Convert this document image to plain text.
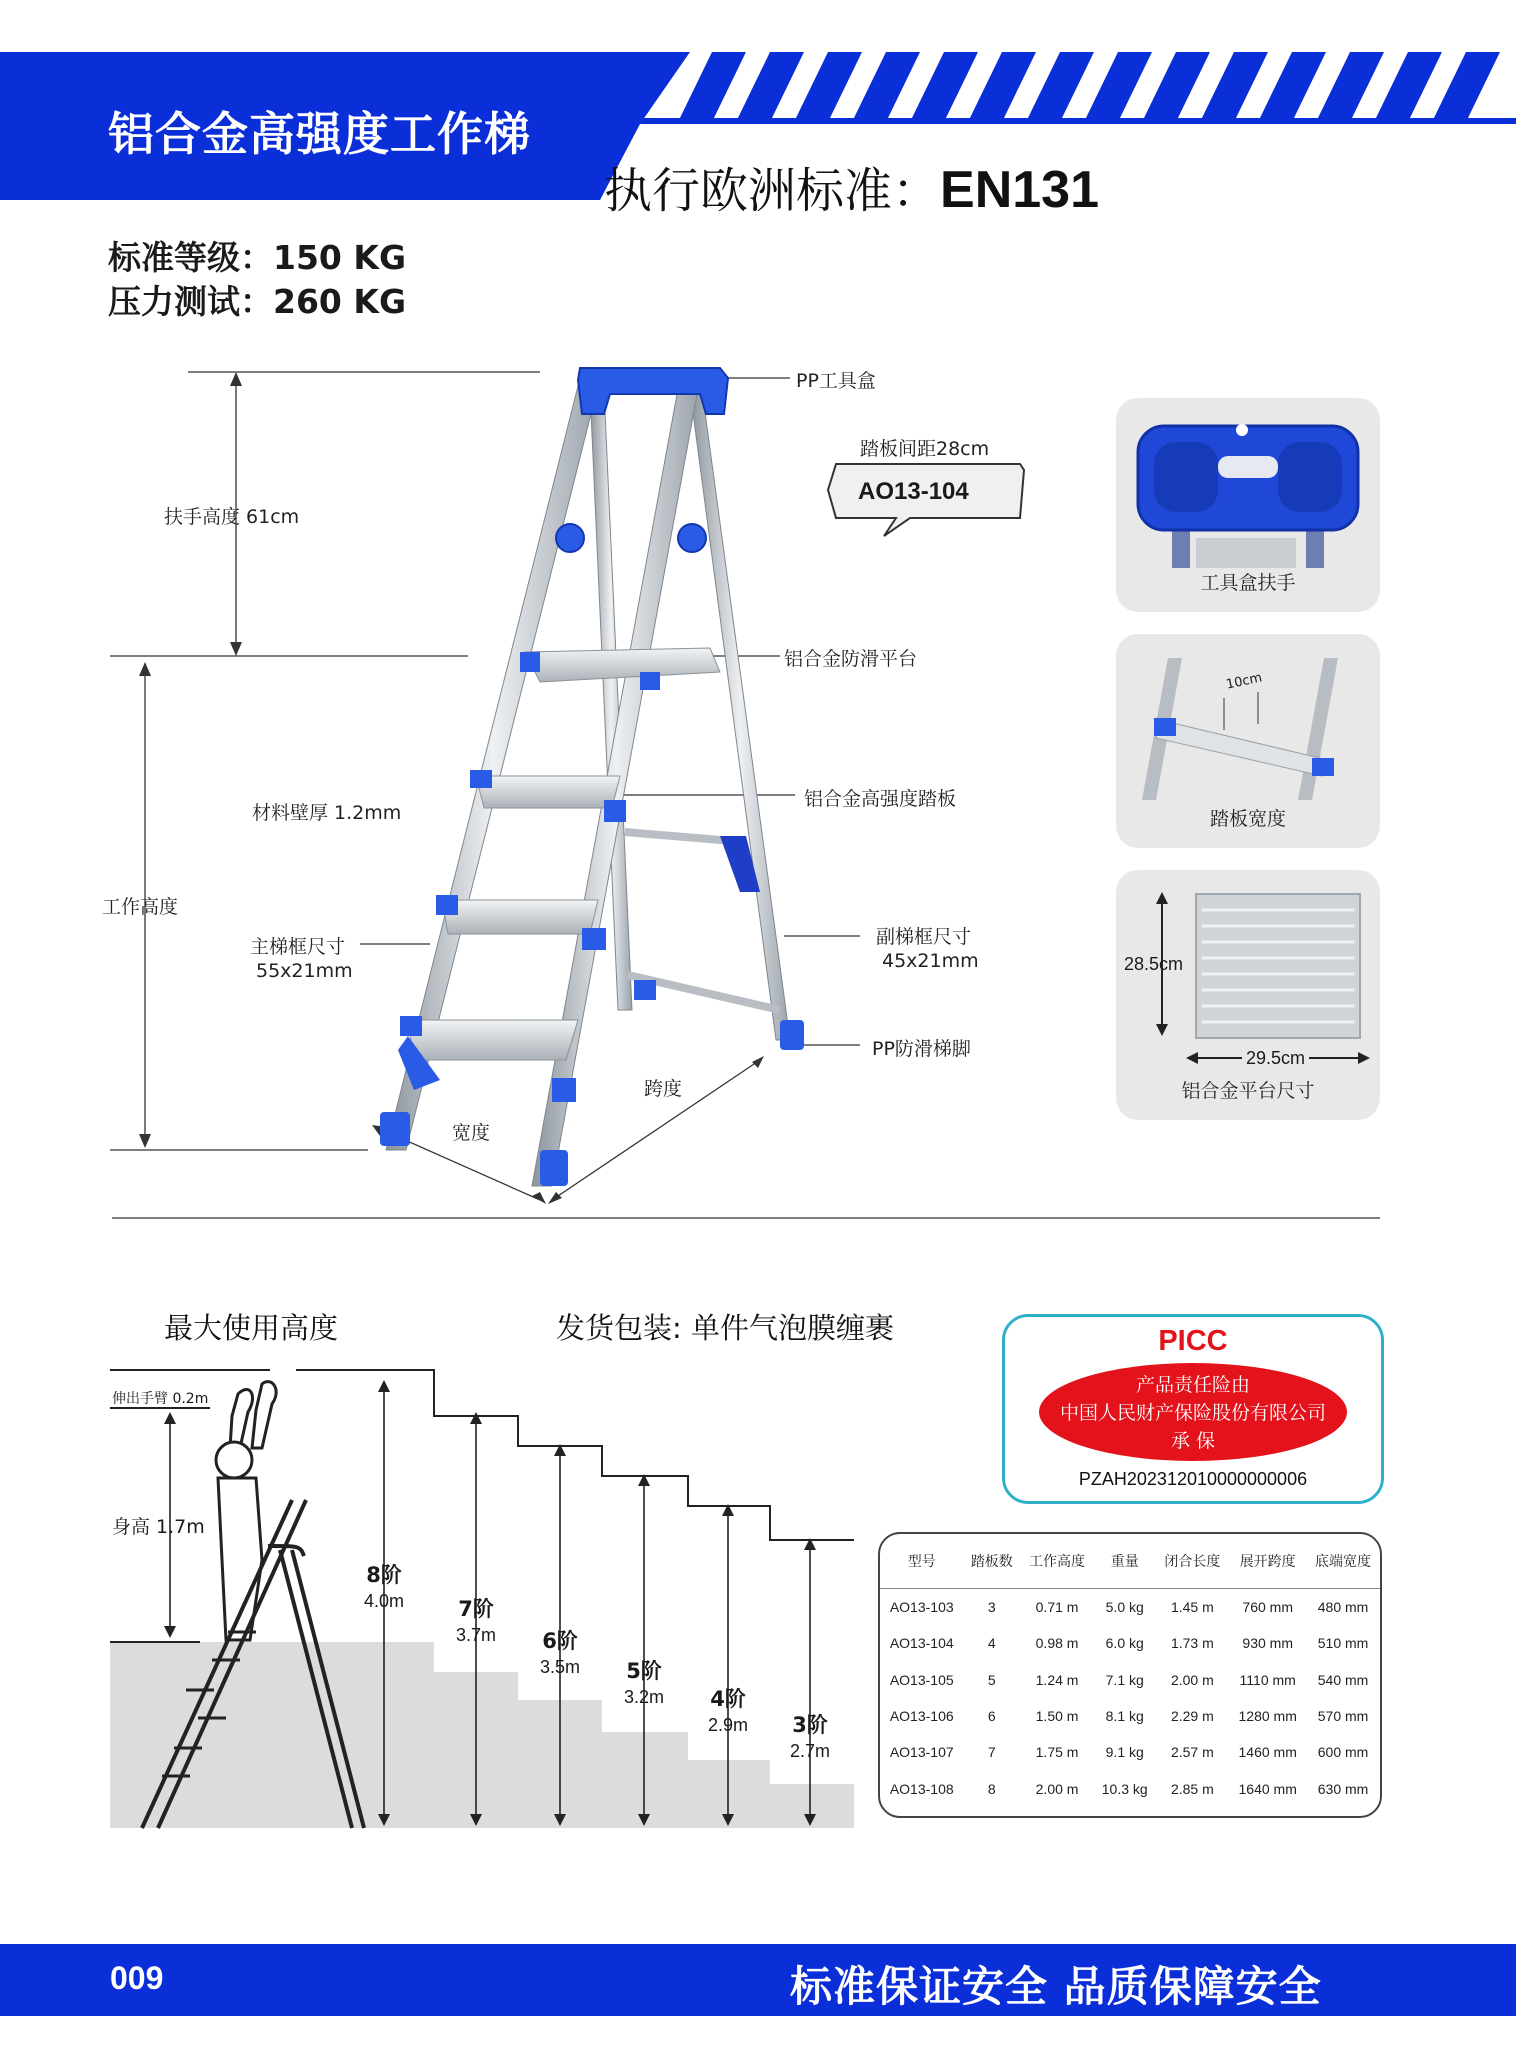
铝合金高强度工作梯
执行欧洲标准：EN131
标准等级：150 KG
压力测试：260 KG
扶手高度 61cm
工作高度
材料壁厚 1.2mm
主梯框尺寸
55x21mm
宽度
跨度
PP工具盒
踏板间距28cm
AO13-104
铝合金防滑平台
铝合金高强度踏板
副梯框尺寸
45x21mm
PP防滑梯脚
工具盒扶手
10cm
踏板宽度
28.5cm
29.5cm
铝合金平台尺寸
最大使用高度	发货包装: 单件气泡膜缠裹
伸出手臂 0.2m
身高 1.7m
8阶
4.0m	7阶
3.7m	6阶
3.5m	5阶
3.2m	4阶
2.9m	3阶
2.7m
PICC
产品责任险由
中国人民财产保险股份有限公司
承 保
PZAH202312010000000006
型号	踏板数	工作高度	重量	闭合长度	展开跨度	底端宽度
AO13-103	3	0.71 m	5.0 kg	1.45 m	760 mm	480 mm
AO13-104	4	0.98 m	6.0 kg	1.73 m	930 mm	510 mm
AO13-105	5	1.24 m	7.1 kg	2.00 m	1110 mm	540 mm
AO13-106	6	1.50 m	8.1 kg	2.29 m	1280 mm	570 mm
AO13-107	7	1.75 m	9.1 kg	2.57 m	1460 mm	600 mm
AO13-108	8	2.00 m	10.3 kg	2.85 m	1640 mm	630 mm
009	标准保证安全 品质保障安全
